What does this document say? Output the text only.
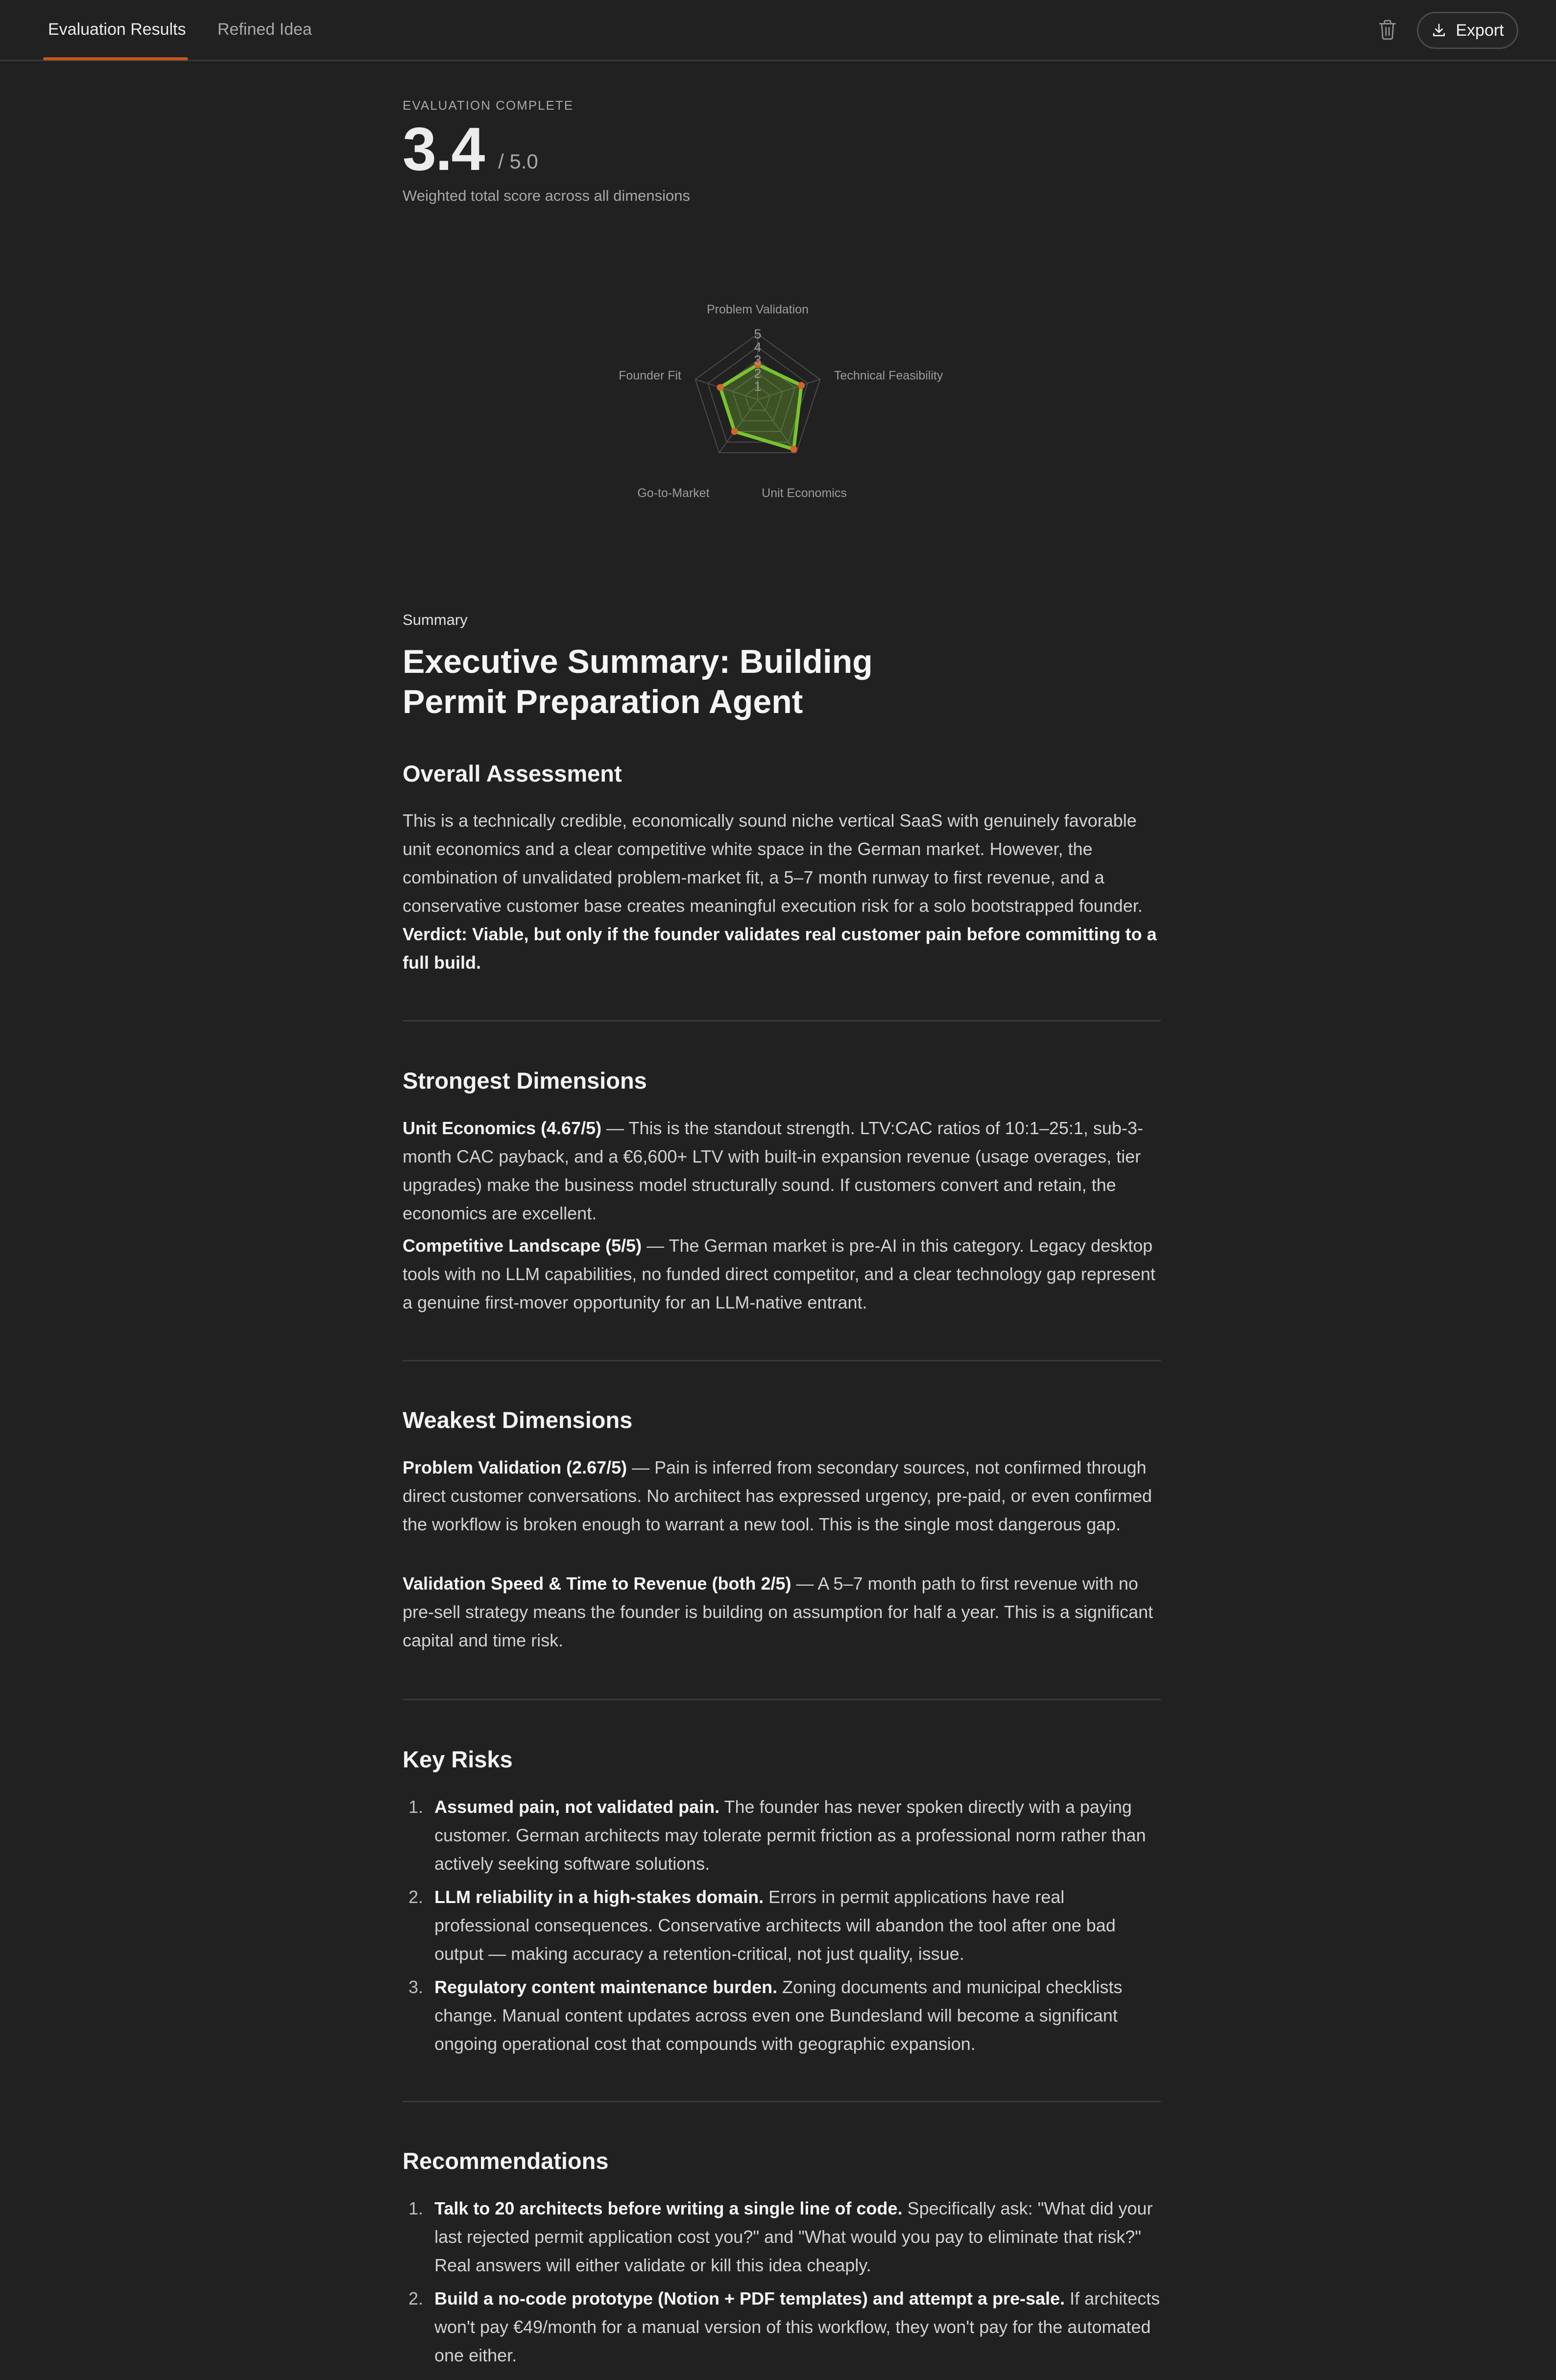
Evaluation Results Refined Idea	Export
EVALUATION COMPLETE
3.4 / 5.0
Weighted total score across all dimensions
1
2
3
4
5
Problem Validation
Technical Feasibility
Unit Economics
Go-to-Market
Founder Fit
Summary
Executive Summary: Building Permit Preparation Agent
Overall Assessment

This is a technically credible, economically sound niche vertical SaaS with genuinely favorable unit economics and a clear competitive white space in the German market. However, the combination of unvalidated problem-market fit, a 5–7 month runway to first revenue, and a conservative customer base creates meaningful execution risk for a solo bootstrapped founder. Verdict: Viable, but only if the founder validates real customer pain before committing to a full build.

Strongest Dimensions

Unit Economics (4.67/5) — This is the standout strength. LTV:CAC ratios of 10:1–25:1, sub-3-month CAC payback, and a €6,600+ LTV with built-in expansion revenue (usage overages, tier upgrades) make the business model structurally sound. If customers convert and retain, the economics are excellent.

Competitive Landscape (5/5) — The German market is pre-AI in this category. Legacy desktop tools with no LLM capabilities, no funded direct competitor, and a clear technology gap represent a genuine first-mover opportunity for an LLM-native entrant.

Weakest Dimensions

Problem Validation (2.67/5) — Pain is inferred from secondary sources, not confirmed through direct customer conversations. No architect has expressed urgency, pre-paid, or even confirmed the workflow is broken enough to warrant a new tool. This is the single most dangerous gap.

Validation Speed & Time to Revenue (both 2/5) — A 5–7 month path to first revenue with no pre-sell strategy means the founder is building on assumption for half a year. This is a significant capital and time risk.

Key Risks
1. Assumed pain, not validated pain. The founder has never spoken directly with a paying customer. German architects may tolerate permit friction as a professional norm rather than actively seeking software solutions.
2. LLM reliability in a high-stakes domain. Errors in permit applications have real professional consequences. Conservative architects will abandon the tool after one bad output — making accuracy a retention-critical, not just quality, issue.
3. Regulatory content maintenance burden. Zoning documents and municipal checklists change. Manual content updates across even one Bundesland will become a significant ongoing operational cost that compounds with geographic expansion.
Recommendations
1. Talk to 20 architects before writing a single line of code. Specifically ask: "What did your last rejected permit application cost you?" and "What would you pay to eliminate that risk?" Real answers will either validate or kill this idea cheaply.
2. Build a no-code prototype (Notion + PDF templates) and attempt a pre-sale. If architects won't pay €49/month for a manual version of this workflow, they won't pay for the automated one either.
